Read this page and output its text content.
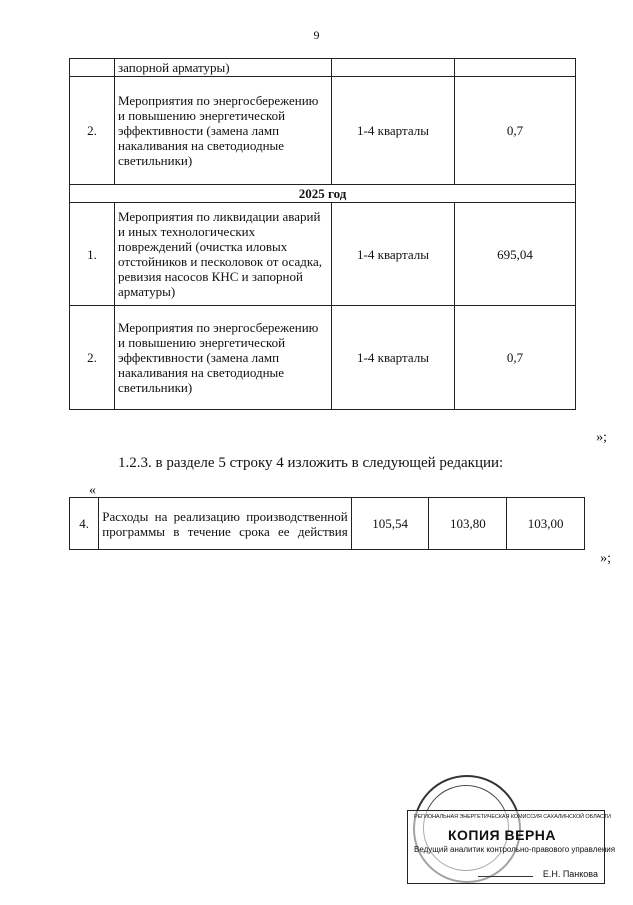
9
	запорной арматуры)		
2.	Мероприятия по энергосбережению и повышению энергетической эффективности (замена ламп накаливания на светодиодные светильники)	1-4 кварталы	0,7
2025 год			
1.	Мероприятия по ликвидации аварий и иных технологических повреждений (очистка иловых отстойников и песколовок от осадка, ревизия насосов КНС и запорной арматуры)	1-4 кварталы	695,04
2.	Мероприятия по энергосбережению и повышению энергетической эффективности (замена ламп накаливания на светодиодные светильники)	1-4 кварталы	0,7
»;
1.2.3. в разделе 5 строку 4 изложить в следующей редакции:
«
4.	Расходы на реализацию производственной программы в течение срока ее действия	105,54	103,80	103,00
»;
РЕГИОНАЛЬНАЯ ЭНЕРГЕТИЧЕСКАЯ КОМИССИЯ САХАЛИНСКОЙ ОБЛАСТИ
КОПИЯ ВЕРНА
Ведущий аналитик контрольно-правового управления
Е.Н. Панкова
